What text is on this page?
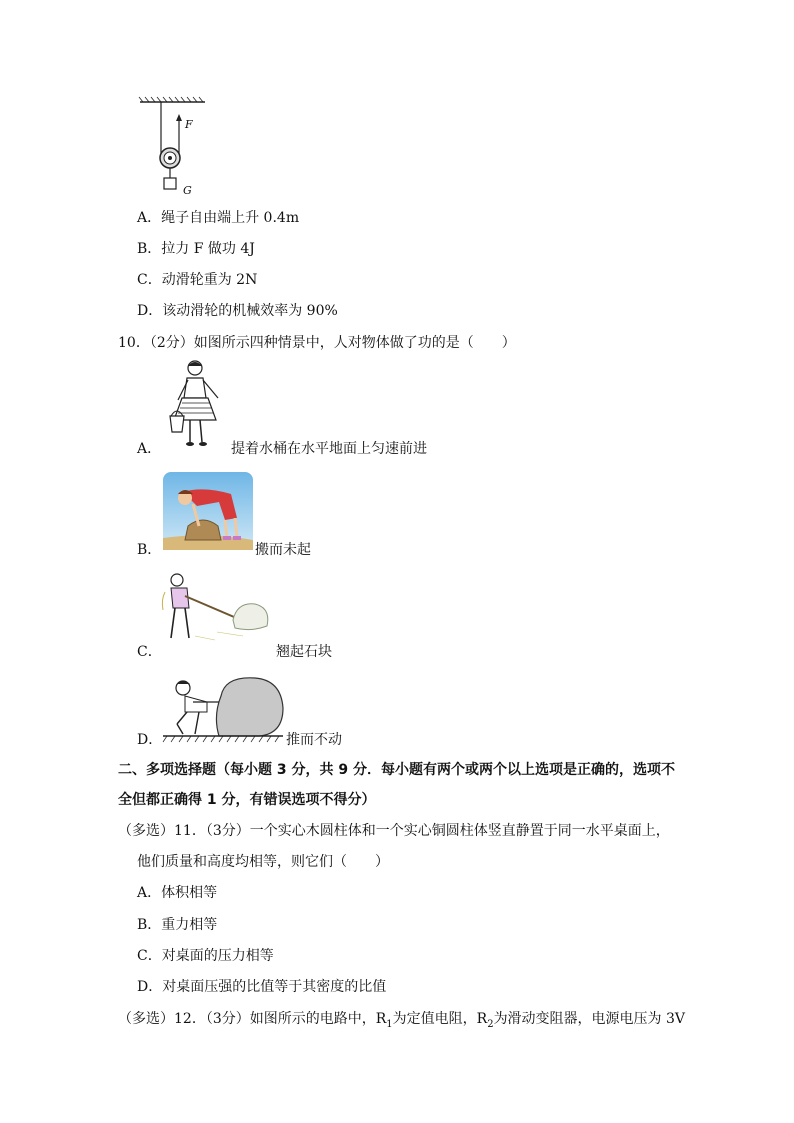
F
G
A．绳子自由端上升 0.4m
B．拉力 F 做功 4J
C．动滑轮重为 2N
D．该动滑轮的机械效率为 90%
10．（2分）如图所示四种情景中，人对物体做了功的是（　　）
A．	提着水桶在水平地面上匀速前进
B．	搬而未起
C．	翘起石块
D．	推而不动
二、多项选择题（每小题 3 分，共 9 分．每小题有两个或两个以上选项是正确的，选项不
全但都正确得 1 分，有错误选项不得分）
（多选）11．（3分）一个实心木圆柱体和一个实心铜圆柱体竖直静置于同一水平桌面上，
他们质量和高度均相等，则它们（　　）
A．体积相等
B．重力相等
C．对桌面的压力相等
D．对桌面压强的比值等于其密度的比值
（多选）12．（3分）如图所示的电路中，$R_1$为定值电阻，$R_2$为滑动变阻器，电源电压为 3V
